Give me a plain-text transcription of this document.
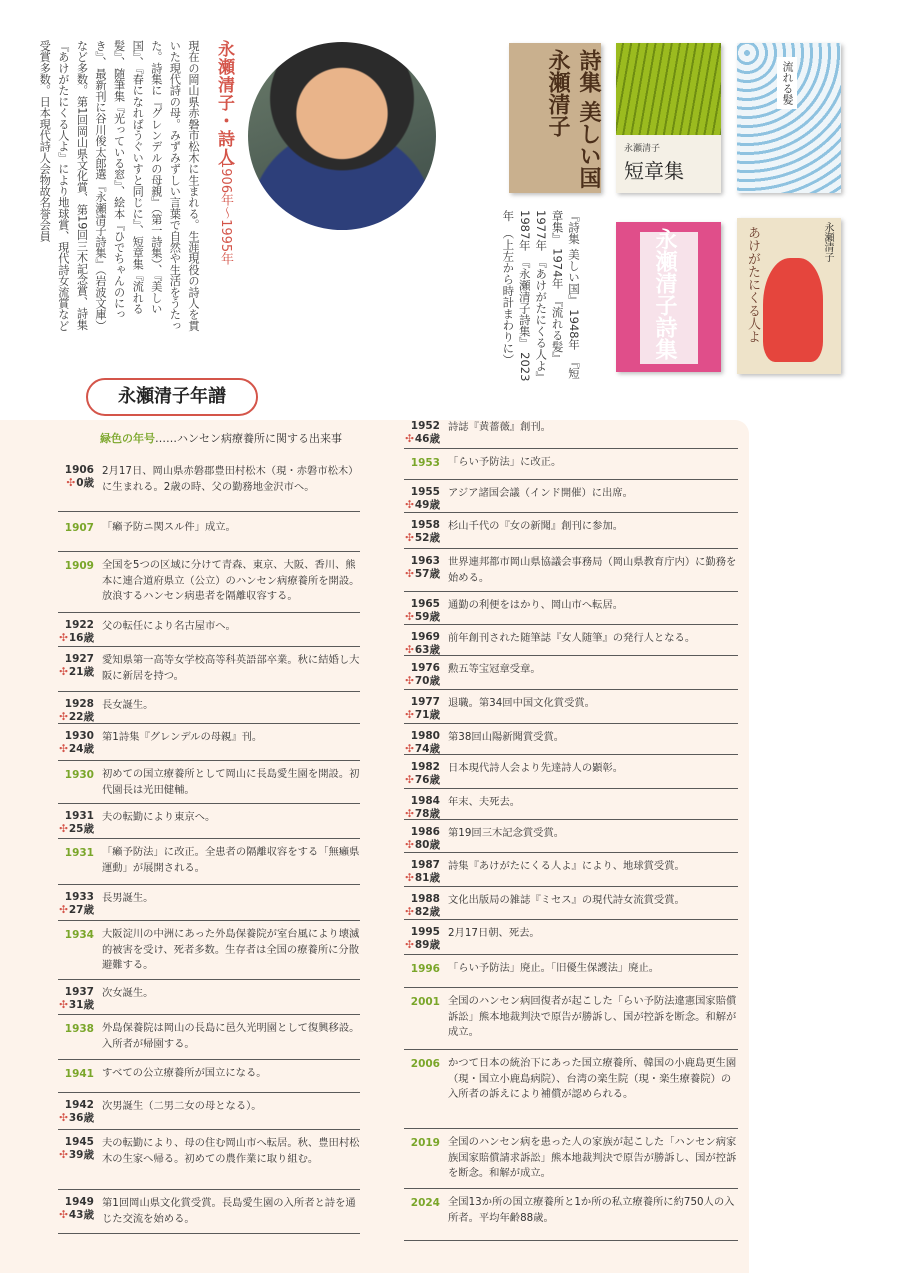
永瀬清子・詩人
1906年〜1995年
現在の岡山県赤磐市松木に生まれる。生涯現役の詩人を貫いた現代詩の母。みずみずしい言葉で自然や生活をうたった。詩集に『グレンデルの母親』（第一詩集）、『美しい国』、『春になればうぐいすと同じに』、短章集『流れる髪』、随筆集『光っている窓』、絵本『ひでちゃんのにっき』、最新刊に谷川俊太郎選『永瀬清子詩集』（岩波文庫）など多数。第1回岡山県文化賞、第19回三木記念賞、詩集『あけがたにくる人よ』により地球賞、現代詩女流賞など受賞多数。日本現代詩人会物故名誉会員
『詩集 美しい国』 1948年　『短章集』 1974年　『流れる髪』 1977年　『あけがたにくる人よ』 1987年　『永瀬清子詩集』 2023年　（上左から時計まわりに）
詩集 美しい国 永瀬清子
永瀬清子
短章集
流れる髪
永瀬清子詩集	あけがたにくる人よ	永瀬清子
永瀬清子年譜
緑色の年号……ハンセン病療養所に関する出来事
1906
✣ 0歳
2月17日、岡山県赤磐郡豊田村松木（現・赤磐市松木）に生まれる。2歳の時、父の勤務地金沢市へ。
1907 「癩予防ニ関スル件」成立。
1909 全国を5つの区域に分けて青森、東京、大阪、香川、熊本に連合道府県立（公立）のハンセン病療養所を開設。放浪するハンセン病患者を隔離収容する。
1922
✣ 16歳
父の転任により名古屋市へ。
1927
✣ 21歳
愛知県第一高等女学校高等科英語部卒業。秋に結婚し大阪に新居を持つ。
1928
✣ 22歳
長女誕生。
1930
✣ 24歳
第1詩集『グレンデルの母親』刊。
1930 初めての国立療養所として岡山に長島愛生園を開設。初代園長は光田健輔。
1931
✣ 25歳
夫の転勤により東京へ。
1931 「癩予防法」に改正。全患者の隔離収容をする「無癩県運動」が展開される。
1933
✣ 27歳
長男誕生。
1934 大阪淀川の中洲にあった外島保養院が室台風により壊滅的被害を受け、死者多数。生存者は全国の療養所に分散避難する。
1937
✣ 31歳
次女誕生。
1938 外島保養院は岡山の長島に邑久光明園として復興移設。入所者が帰園する。
1941 すべての公立療養所が国立になる。
1942
✣ 36歳
次男誕生（二男二女の母となる）。
1945
✣ 39歳
夫の転勤により、母の住む岡山市へ転居。秋、豊田村松木の生家へ帰る。初めての農作業に取り組む。
1949
✣ 43歳
第1回岡山県文化賞受賞。長島愛生園の入所者と詩を通じた交流を始める。
1952
✣ 46歳
詩誌『黄薔薇』創刊。
1953 「らい予防法」に改正。
1955
✣ 49歳
アジア諸国会議（インド開催）に出席。
1958
✣ 52歳
杉山千代の『女の新聞』創刊に参加。
1963
✣ 57歳
世界連邦都市岡山県協議会事務局（岡山県教育庁内）に勤務を始める。
1965
✣ 59歳
通勤の利便をはかり、岡山市へ転居。
1969
✣ 63歳
前年創刊された随筆誌『女人随筆』の発行人となる。
1976
✣ 70歳
勲五等宝冠章受章。
1977
✣ 71歳
退職。第34回中国文化賞受賞。
1980
✣ 74歳
第38回山陽新聞賞受賞。
1982
✣ 76歳
日本現代詩人会より先達詩人の顕彰。
1984
✣ 78歳
年末、夫死去。
1986
✣ 80歳
第19回三木記念賞受賞。
1987
✣ 81歳
詩集『あけがたにくる人よ』により、地球賞受賞。
1988
✣ 82歳
文化出版局の雑誌『ミセス』の現代詩女流賞受賞。
1995
✣ 89歳
2月17日朝、死去。
1996 「らい予防法」廃止。「旧優生保護法」廃止。
2001 全国のハンセン病回復者が起こした「らい予防法違憲国家賠償訴訟」熊本地裁判決で原告が勝訴し、国が控訴を断念。和解が成立。
2006 かつて日本の統治下にあった国立療養所、韓国の小鹿島更生園（現・国立小鹿島病院）、台湾の楽生院（現・楽生療養院）の入所者の訴えにより補償が認められる。
2019 全国のハンセン病を患った人の家族が起こした「ハンセン病家族国家賠償請求訴訟」熊本地裁判決で原告が勝訴し、国が控訴を断念。和解が成立。
2024 全国13か所の国立療養所と1か所の私立療養所に約750人の入所者。平均年齢88歳。
